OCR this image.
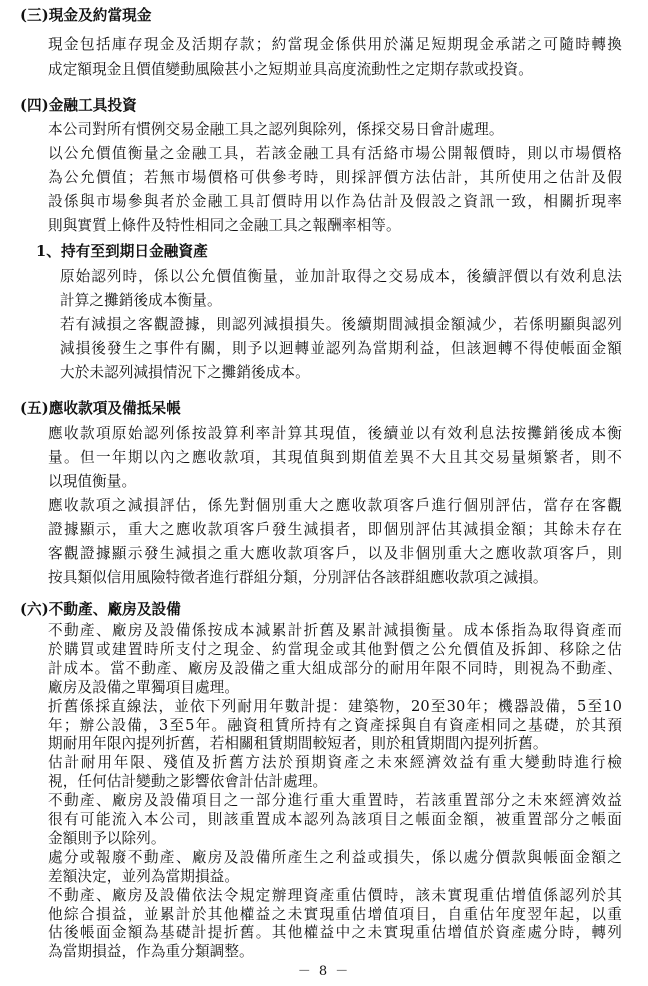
(三)現金及約當現金
現金包括庫存現金及活期存款；約當現金係供用於滿足短期現金承諾之可隨時轉換
成定額現金且價值變動風險甚小之短期並具高度流動性之定期存款或投資。
(四)金融工具投資
本公司對所有慣例交易金融工具之認列與除列，係採交易日會計處理。
以公允價值衡量之金融工具，若該金融工具有活絡市場公開報價時，則以市場價格
為公允價值；若無市場價格可供參考時，則採評價方法估計，其所使用之估計及假
設係與市場參與者於金融工具訂價時用以作為估計及假設之資訊一致，相關折現率
則與實質上條件及特性相同之金融工具之報酬率相等。
1、持有至到期日金融資產
原始認列時，係以公允價值衡量，並加計取得之交易成本，後續評價以有效利息法
計算之攤銷後成本衡量。
若有減損之客觀證據，則認列減損損失。後續期間減損金額減少，若係明顯與認列
減損後發生之事件有關，則予以迴轉並認列為當期利益，但該迴轉不得使帳面金額
大於未認列減損情況下之攤銷後成本。
(五)應收款項及備抵呆帳
應收款項原始認列係按設算利率計算其現值，後續並以有效利息法按攤銷後成本衡
量。但一年期以內之應收款項，其現值與到期值差異不大且其交易量頻繁者，則不
以現值衡量。
應收款項之減損評估，係先對個別重大之應收款項客戶進行個別評估，當存在客觀
證據顯示，重大之應收款項客戶發生減損者，即個別評估其減損金額；其餘未存在
客觀證據顯示發生減損之重大應收款項客戶，以及非個別重大之應收款項客戶，則
按具類似信用風險特徵者進行群組分類，分別評估各該群組應收款項之減損。
(六)不動產、廠房及設備
－ 8 －
不動產、廠房及設備係按成本減累計折舊及累計減損衡量。成本係指為取得資產而
於購買或建置時所支付之現金、約當現金或其他對價之公允價值及拆卸、移除之估
計成本。當不動產、廠房及設備之重大組成部分的耐用年限不同時，則視為不動產、
廠房及設備之單獨項目處理。
折舊係採直線法，並依下列耐用年數計提：建築物，20至30年；機器設備，5至10
年；辦公設備，3至5年。融資租賃所持有之資產採與自有資產相同之基礎，於其預
期耐用年限內提列折舊，若相關租賃期間較短者，則於租賃期間內提列折舊。
估計耐用年限、殘值及折舊方法於預期資產之未來經濟效益有重大變動時進行檢
視，任何估計變動之影響依會計估計處理。
不動產、廠房及設備項目之一部分進行重大重置時，若該重置部分之未來經濟效益
很有可能流入本公司，則該重置成本認列為該項目之帳面金額，被重置部分之帳面
金額則予以除列。
處分或報廢不動產、廠房及設備所產生之利益或損失，係以處分價款與帳面金額之
差額決定，並列為當期損益。
不動產、廠房及設備依法令規定辦理資產重估價時，該未實現重估增值係認列於其
他綜合損益，並累計於其他權益之未實現重估增值項目，自重估年度翌年起，以重
估後帳面金額為基礎計提折舊。其他權益中之未實現重估增值於資產處分時，轉列
為當期損益，作為重分類調整。
